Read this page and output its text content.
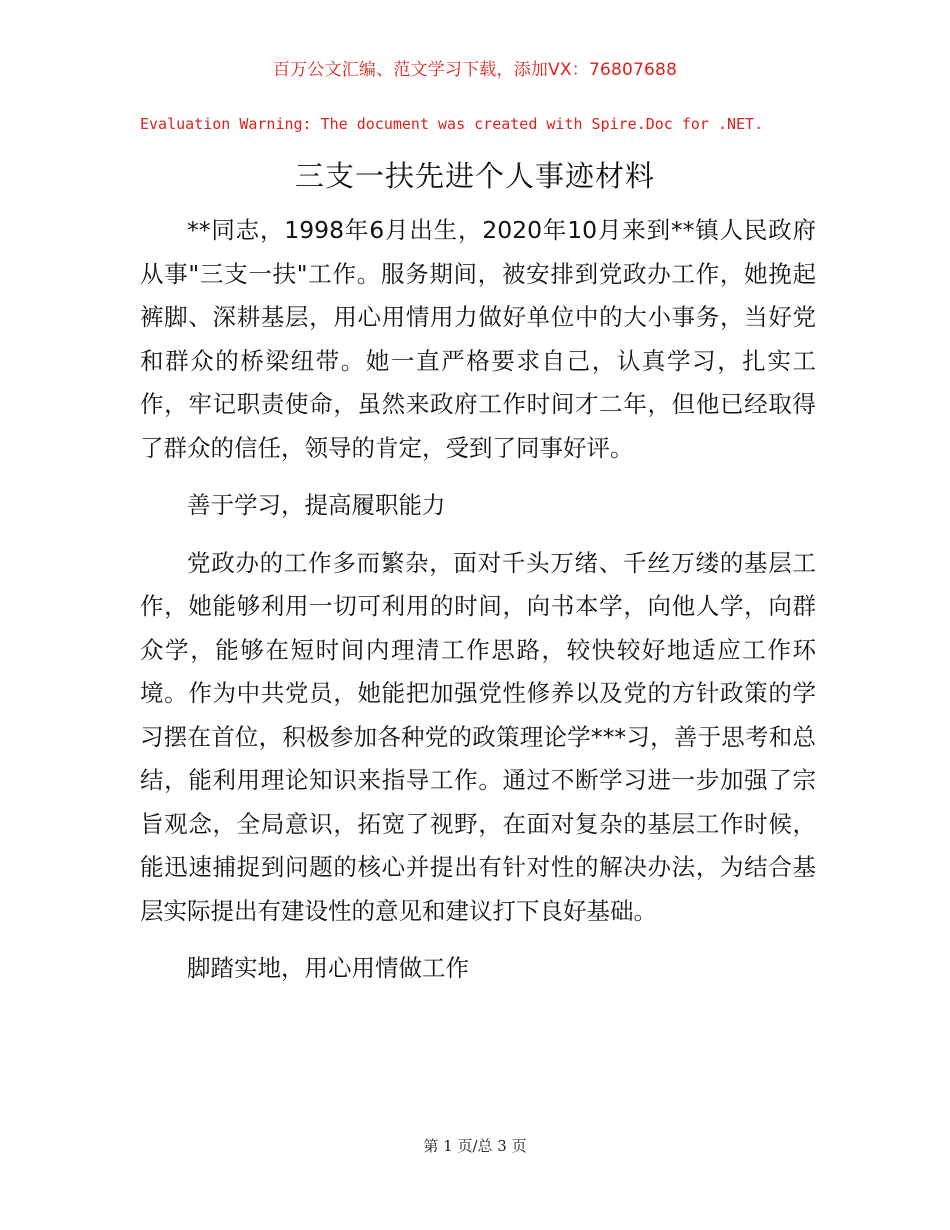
百万公文汇编、范文学习下载，添加VX：76807688
Evaluation Warning: The document was created with Spire.Doc for .NET.
三支一扶先进个人事迹材料

**同志，1998年6月出生，2020年10月来到**镇人民政府从事"三支一扶"工作。服务期间，被安排到党政办工作，她挽起裤脚、深耕基层，用心用情用力做好单位中的大小事务，当好党和群众的桥梁纽带。她一直严格要求自己，认真学习，扎实工作，牢记职责使命，虽然来政府工作时间才二年，但他已经取得了群众的信任，领导的肯定，受到了同事好评。

善于学习，提高履职能力

党政办的工作多而繁杂，面对千头万绪、千丝万缕的基层工作，她能够利用一切可利用的时间，向书本学，向他人学，向群众学，能够在短时间内理清工作思路，较快较好地适应工作环境。作为中共党员，她能把加强党性修养以及党的方针政策的学习摆在首位，积极参加各种党的政策理论学***习，善于思考和总结，能利用理论知识来指导工作。通过不断学习进一步加强了宗旨观念，全局意识，拓宽了视野，在面对复杂的基层工作时候，能迅速捕捉到问题的核心并提出有针对性的解决办法，为结合基层实际提出有建设性的意见和建议打下良好基础。

脚踏实地，用心用情做工作

第 1 页/总 3 页
